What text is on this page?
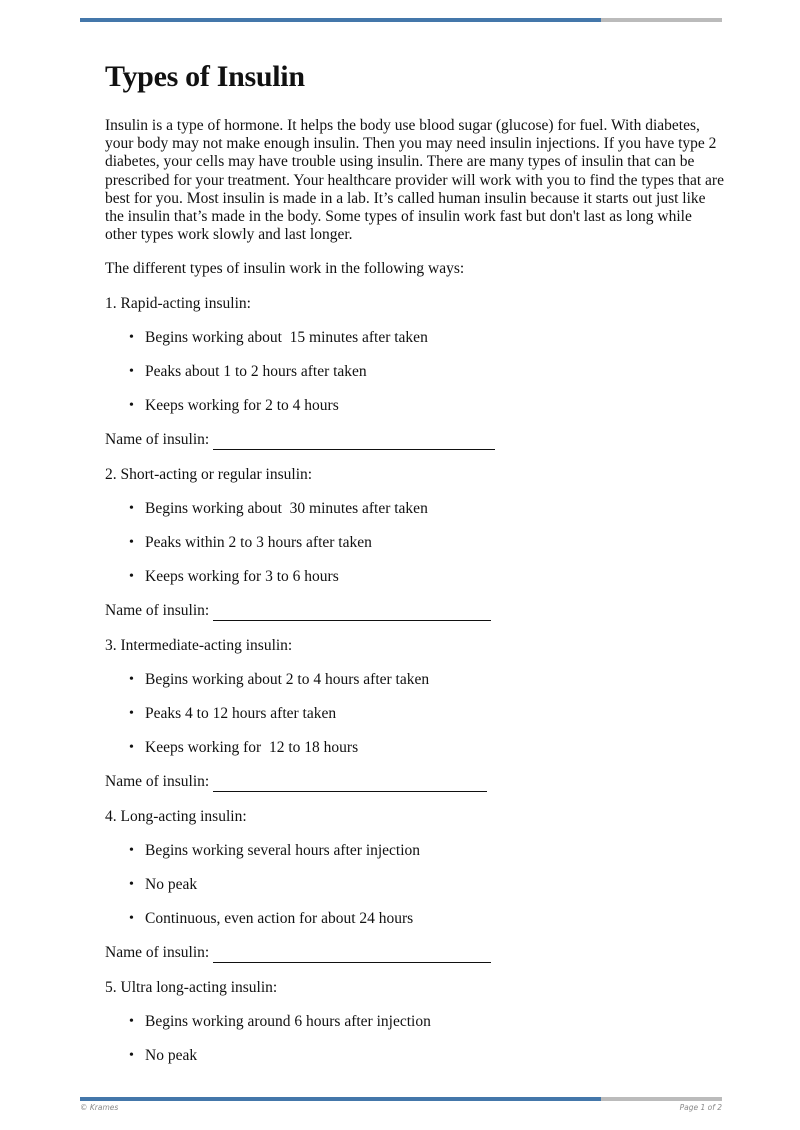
Types of Insulin

Insulin is a type of hormone. It helps the body use blood sugar (glucose) for fuel. With diabetes, your body may not make enough insulin. Then you may need insulin injections. If you have type 2 diabetes, your cells may have trouble using insulin. There are many types of insulin that can be prescribed for your treatment. Your healthcare provider will work with you to find the types that are best for you. Most insulin is made in a lab. It’s called human insulin because it starts out just like the insulin that’s made in the body. Some types of insulin work fast but don't last as long while other types work slowly and last longer.

The different types of insulin work in the following ways:

1. Rapid-acting insulin:

• Begins working about  15 minutes after taken
• Peaks about 1 to 2 hours after taken
• Keeps working for 2 to 4 hours
Name of insulin:

2. Short-acting or regular insulin:

• Begins working about  30 minutes after taken
• Peaks within 2 to 3 hours after taken
• Keeps working for 3 to 6 hours
Name of insulin:

3. Intermediate-acting insulin:

• Begins working about 2 to 4 hours after taken
• Peaks 4 to 12 hours after taken
• Keeps working for  12 to 18 hours
Name of insulin:

4. Long-acting insulin:

• Begins working several hours after injection
• No peak
• Continuous, even action for about 24 hours
Name of insulin:

5. Ultra long-acting insulin:

• Begins working around 6 hours after injection
• No peak
© Krames	Page 1 of 2
